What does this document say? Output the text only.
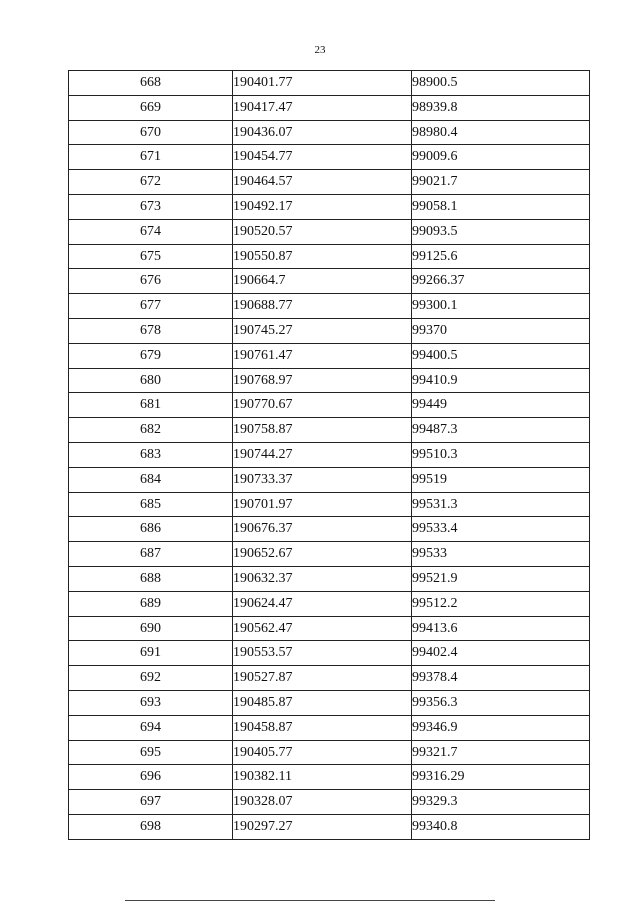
23
668	190401.77	98900.5
669	190417.47	98939.8
670	190436.07	98980.4
671	190454.77	99009.6
672	190464.57	99021.7
673	190492.17	99058.1
674	190520.57	99093.5
675	190550.87	99125.6
676	190664.7	99266.37
677	190688.77	99300.1
678	190745.27	99370
679	190761.47	99400.5
680	190768.97	99410.9
681	190770.67	99449
682	190758.87	99487.3
683	190744.27	99510.3
684	190733.37	99519
685	190701.97	99531.3
686	190676.37	99533.4
687	190652.67	99533
688	190632.37	99521.9
689	190624.47	99512.2
690	190562.47	99413.6
691	190553.57	99402.4
692	190527.87	99378.4
693	190485.87	99356.3
694	190458.87	99346.9
695	190405.77	99321.7
696	190382.11	99316.29
697	190328.07	99329.3
698	190297.27	99340.8
